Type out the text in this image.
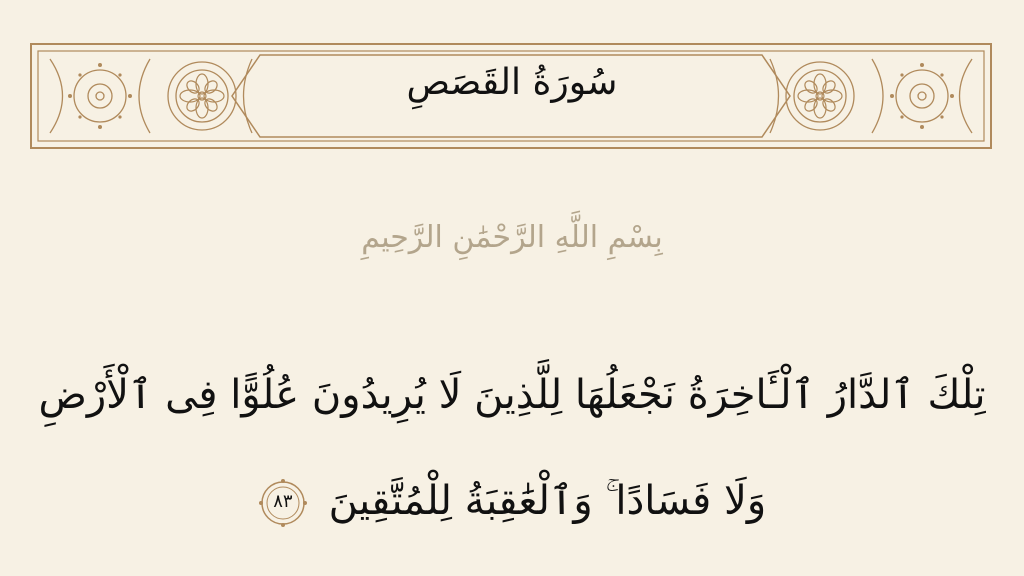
سُورَةُ القَصَصِ
بِسْمِ اللَّهِ الرَّحْمَٰنِ الرَّحِيمِ
تِلْكَ ٱلدَّارُ ٱلْـَٔاخِرَةُ نَجْعَلُهَا لِلَّذِينَ لَا يُرِيدُونَ عُلُوًّا فِى ٱلْأَرْضِ
وَلَا فَسَادًا ۚ وَٱلْعَٰقِبَةُ لِلْمُتَّقِينَ
٨٣
